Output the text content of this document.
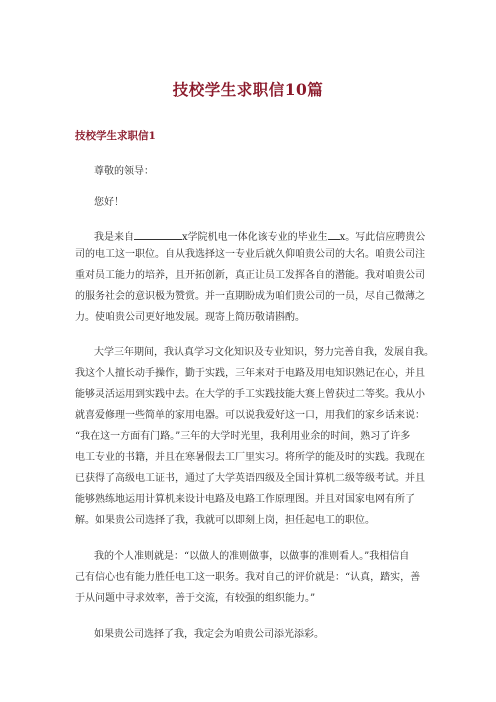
技校学生求职信10篇
技校学生求职信1
尊敬的领导：
您好！
我是来自	x学院机电一体化该专业的毕业生 x。写此信应聘贵公
司的电工这一职位。自从我选择这一专业后就久仰咱贵公司的大名。咱贵公司注
重对员工能力的培养，且开拓创新，真正让员工发挥各自的潜能。我对咱贵公司
的服务社会的意识极为赞赏。并一直期盼成为咱们贵公司的一员，尽自己微薄之
力。使咱贵公司更好地发展。现寄上简历敬请斟酌。
大学三年期间，我认真学习文化知识及专业知识，努力完善自我，发展自我。
我这个人擅长动手操作，勤于实践，三年来对于电路及用电知识熟记在心，并且
能够灵活运用到实践中去。在大学的手工实践技能大赛上曾获过二等奖。我从小
就喜爱修理一些简单的家用电器。可以说我爱好这一口，用我们的家乡话来说：
“我在这一方面有门路。”三年的大学时光里，我利用业余的时间，熟习了许多
电工专业的书籍，并且在寒暑假去工厂里实习。将所学的能及时的实践。我现在
已获得了高级电工证书，通过了大学英语四级及全国计算机二级等级考试。并且
能够熟练地运用计算机来设计电路及电路工作原理图。并且对国家电网有所了
解。如果贵公司选择了我，我就可以即刻上岗，担任起电工的职位。
我的个人准则就是：“以做人的准则做事，以做事的准则看人。”我相信自
己有信心也有能力胜任电工这一职务。我对自己的评价就是：“认真，踏实，善
于从问题中寻求效率，善于交流，有较强的组织能力。”
如果贵公司选择了我，我定会为咱贵公司添光添彩。
